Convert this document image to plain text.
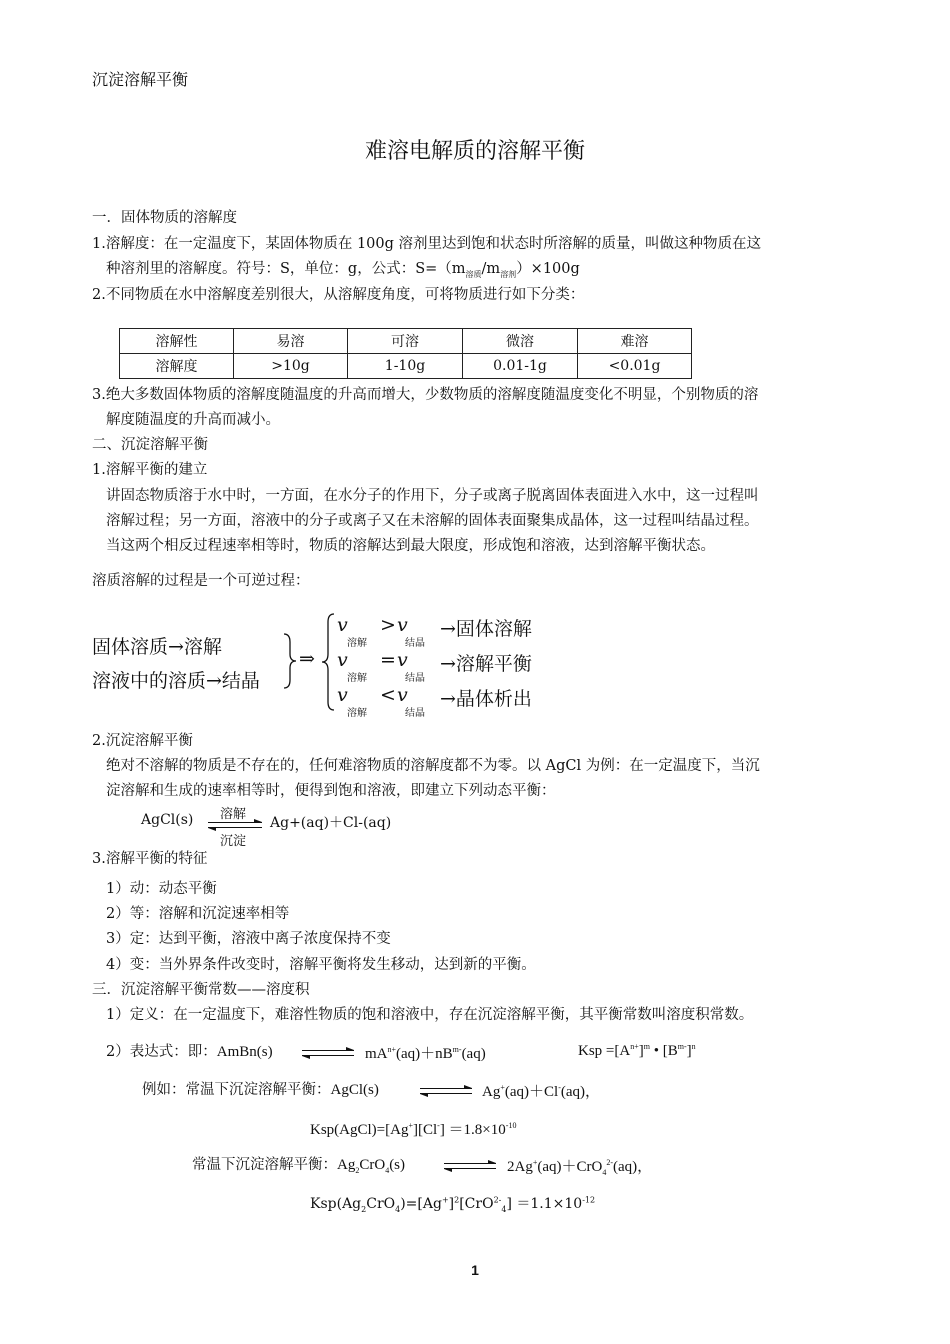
沉淀溶解平衡
难溶电解质的溶解平衡
一．固体物质的溶解度
1.溶解度：在一定温度下，某固体物质在 100g 溶剂里达到饱和状态时所溶解的质量，叫做这种物质在这
种溶剂里的溶解度。符号：S，单位：g，公式：$S=(m_{溶质}/m_{溶剂})\times 100g$
2.不同物质在水中溶解度差别很大，从溶解度角度，可将物质进行如下分类：
溶解性	易溶	可溶	微溶	难溶
溶解度	>10g	1-10g	0.01-1g	<0.01g
3.绝大多数固体物质的溶解度随温度的升高而增大，少数物质的溶解度随温度变化不明显，个别物质的溶
解度随温度的升高而减小。
二、沉淀溶解平衡
1.溶解平衡的建立
讲固态物质溶于水中时，一方面，在水分子的作用下，分子或离子脱离固体表面进入水中，这一过程叫
溶解过程；另一方面，溶液中的分子或离子又在未溶解的固体表面聚集成晶体，这一过程叫结晶过程。
当这两个相反过程速率相等时，物质的溶解达到最大限度，形成饱和溶液，达到溶解平衡状态。
溶质溶解的过程是一个可逆过程：
固体溶质→溶解
溶液中的溶质→结晶
⇒
v
溶解
> v
结晶
→固体溶解
v
溶解
= v
结晶
→溶解平衡
v
溶解
< v
结晶
→晶体析出
2.沉淀溶解平衡
绝对不溶解的物质是不存在的，任何难溶物质的溶解度都不为零。以 AgCl 为例：在一定温度下，当沉
淀溶解和生成的速率相等时，便得到饱和溶液，即建立下列动态平衡：
AgCl(s) 溶解
沉淀
Ag+(aq)＋Cl-(aq)
3.溶解平衡的特征
1）动：动态平衡
2）等：溶解和沉淀速率相等
3）定：达到平衡，溶液中离子浓度保持不变
4）变：当外界条件改变时，溶解平衡将发生移动，达到新的平衡。
三．沉淀溶解平衡常数——溶度积
1）定义：在一定温度下，难溶性物质的饱和溶液中，存在沉淀溶解平衡，其平衡常数叫溶度积常数。
2）表达式：即：AmBn(s) ⇌ $mA^{n+}(aq)+nB^{m-}(aq)$	Ksp $=[A^{n+}]^m$ • $[B^{m-}]^n$
例如：常温下沉淀溶解平衡：AgCl(s)	⇌ Ag+(aq)＋Cl-(aq)，
Ksp(AgCl)=[Ag+][Cl-] $=1.8\times 10^{-10}$
常温下沉淀溶解平衡：$Ag_2CrO_4(s)$	⇌ 2Ag+(aq)＋CrO$_4^{2-}$(aq)，
$Ksp(Ag_2CrO_4)=[Ag^+]^2[CrO^{2-}_4] =1.1\times 10^{-12}$
1
